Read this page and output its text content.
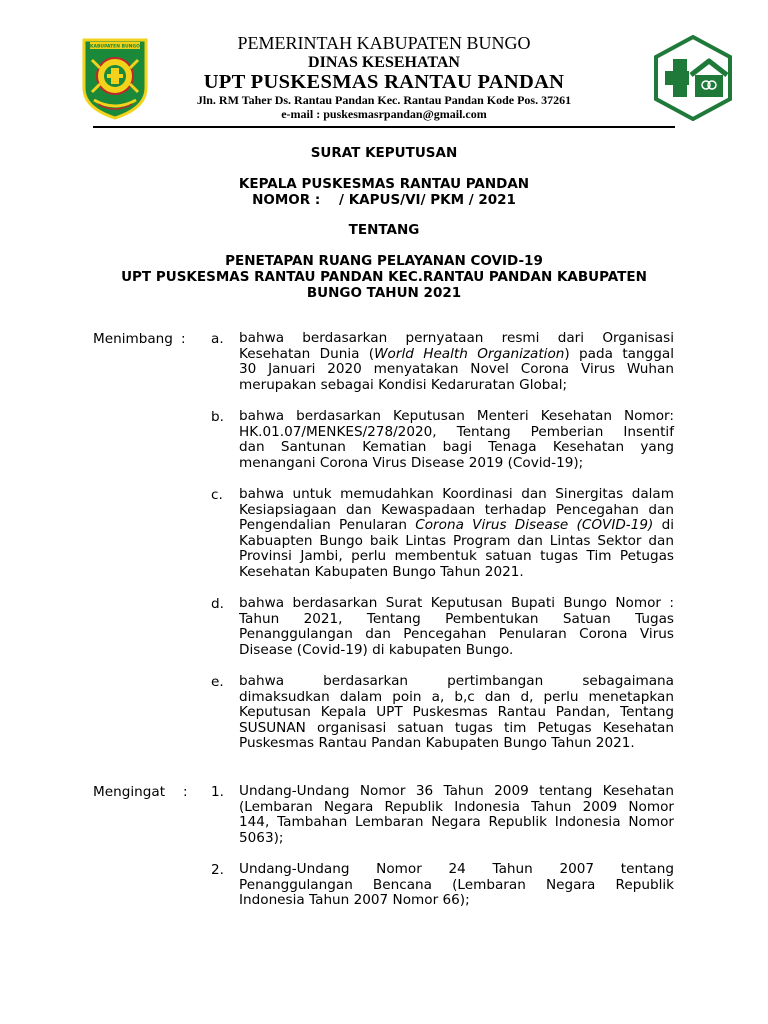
KABUPATEN BUNGO	PEMERINTAH KABUPATEN BUNGO
DINAS KESEHATAN
UPT PUSKESMAS RANTAU PANDAN
Jln. RM Taher Ds. Rantau Pandan Kec. Rantau Pandan Kode Pos. 37261
e-mail : puskesmasrpandan@gmail.com
SURAT KEPUTUSAN
KEPALA PUSKESMAS RANTAU PANDAN
NOMOR :    / KAPUS/VI/ PKM / 2021
TENTANG
PENETAPAN RUANG PELAYANAN COVID-19
UPT PUSKESMAS RANTAU PANDAN KEC.RANTAU PANDAN KABUPATEN
BUNGO TAHUN 2021
Menimbang : a. bahwa berdasarkan pernyataan resmi dari Organisasi
Kesehatan Dunia (World Health Organization) pada tanggal
30 Januari 2020 menyatakan Novel Corona Virus Wuhan
merupakan sebagai Kondisi Kedaruratan Global;
b. bahwa berdasarkan Keputusan Menteri Kesehatan Nomor:
HK.01.07/MENKES/278/2020, Tentang Pemberian Insentif
dan Santunan Kematian bagi Tenaga Kesehatan yang
menangani Corona Virus Disease 2019 (Covid-19);
c. bahwa untuk memudahkan Koordinasi dan Sinergitas dalam
Kesiapsiagaan dan Kewaspadaan terhadap Pencegahan dan
Pengendalian Penularan Corona Virus Disease (COVID-19) di
Kabuapten Bungo baik Lintas Program dan Lintas Sektor dan
Provinsi Jambi, perlu membentuk satuan tugas Tim Petugas
Kesehatan Kabupaten Bungo Tahun 2021.
d. bahwa berdasarkan Surat Keputusan Bupati Bungo Nomor :
Tahun 2021, Tentang Pembentukan Satuan Tugas
Penanggulangan dan Pencegahan Penularan Corona Virus
Disease (Covid-19) di kabupaten Bungo.
e. bahwa berdasarkan pertimbangan sebagaimana
dimaksudkan dalam poin a, b,c dan d, perlu menetapkan
Keputusan Kepala UPT Puskesmas Rantau Pandan, Tentang
SUSUNAN organisasi satuan tugas tim Petugas Kesehatan
Puskesmas Rantau Pandan Kabupaten Bungo Tahun 2021.
Mengingat : 1. Undang-Undang Nomor 36 Tahun 2009 tentang Kesehatan
(Lembaran Negara Republik Indonesia Tahun 2009 Nomor
144, Tambahan Lembaran Negara Republik Indonesia Nomor
5063);
2. Undang-Undang Nomor 24 Tahun 2007 tentang
Penanggulangan Bencana (Lembaran Negara Republik
Indonesia Tahun 2007 Nomor 66);
